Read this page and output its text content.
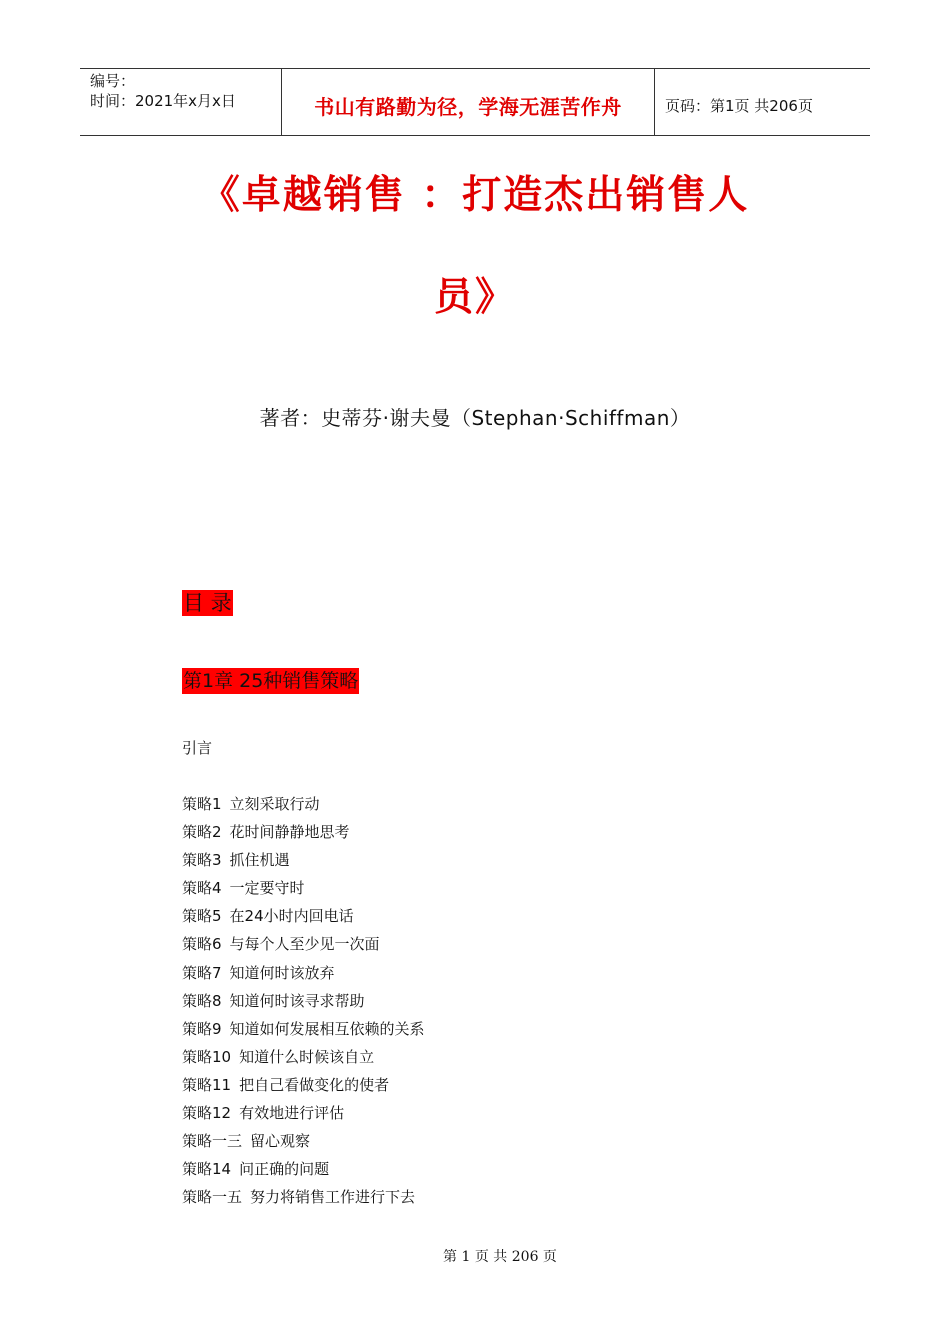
编号：
时间：2021年x月x日	书山有路勤为径，学海无涯苦作舟	页码：第1页 共206页
《卓越销售 ：打造杰出销售人
员》
著者：史蒂芬·谢夫曼（Stephan·Schiffman）
目 录
第1章 25种销售策略
引言
策略1 立刻采取行动
策略2 花时间静静地思考
策略3 抓住机遇
策略4 一定要守时
策略5 在24小时内回电话
策略6 与每个人至少见一次面
策略7 知道何时该放弃
策略8 知道何时该寻求帮助
策略9 知道如何发展相互依赖的关系
策略10 知道什么时候该自立
策略11 把自己看做变化的使者
策略12 有效地进行评估
策略一三 留心观察
策略14 问正确的问题
策略一五 努力将销售工作进行下去
第 1 页 共 206 页
